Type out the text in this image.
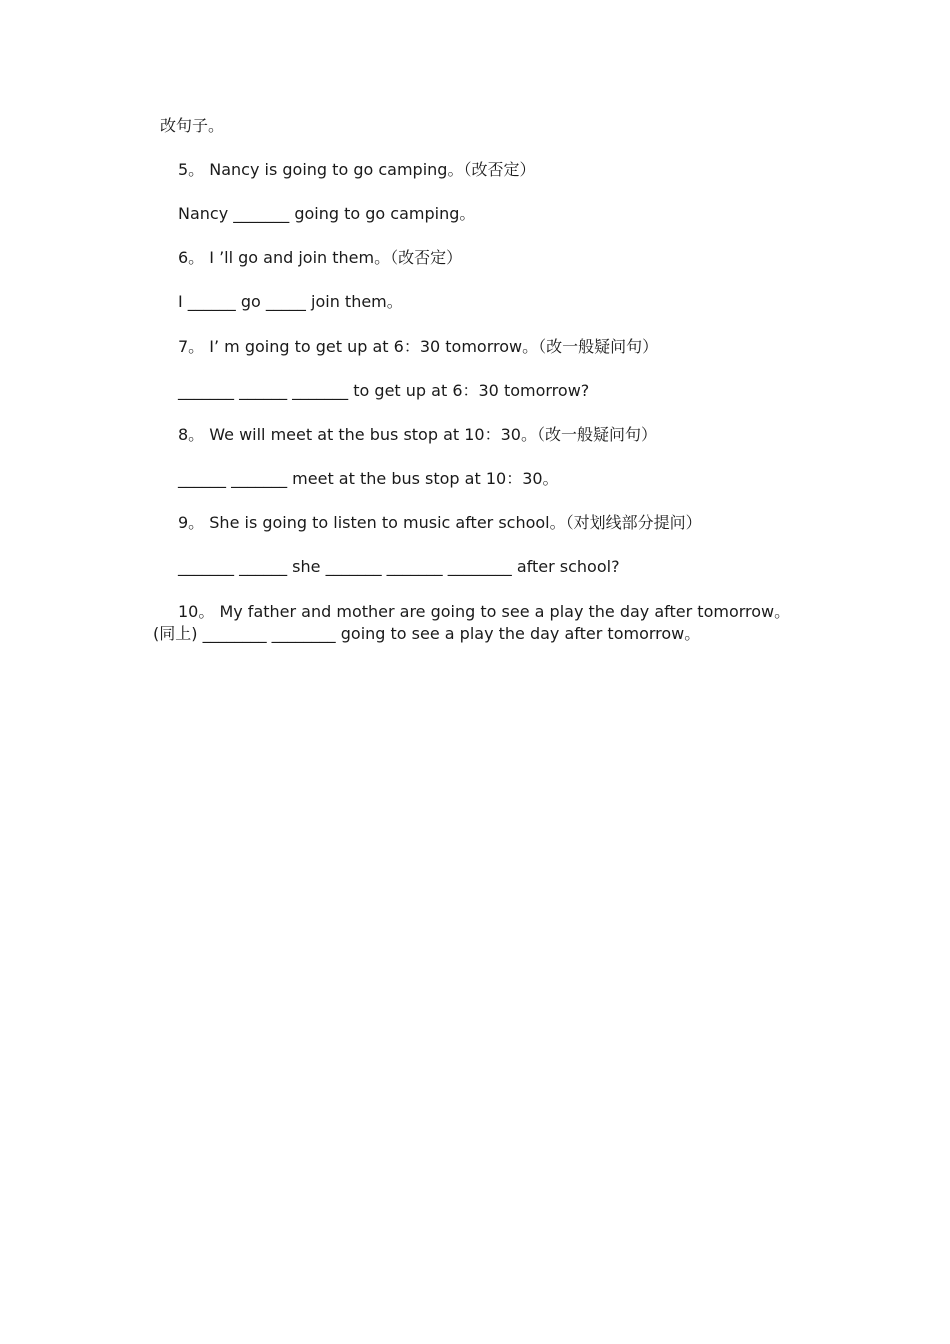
改句子。
5。 Nancy is going to go camping。（改否定）
Nancy _______ going to go camping。
6。 I ’ll go and join them。（改否定）
I ______ go _____ join them。
7。 I’ m going to get up at 6：30 tomorrow。（改一般疑问句）
_______ ______ _______ to get up at 6：30 tomorrow?
8。 We will meet at the bus stop at 10：30。（改一般疑问句）
______ _______ meet at the bus stop at 10：30。
9。 She is going to listen to music after school。（对划线部分提问）
_______ ______ she _______ _______ ________ after school?
10。 My father and mother are going to see a play the day after tomorrow。
(同上) ________ ________ going to see a play the day after tomorrow。
